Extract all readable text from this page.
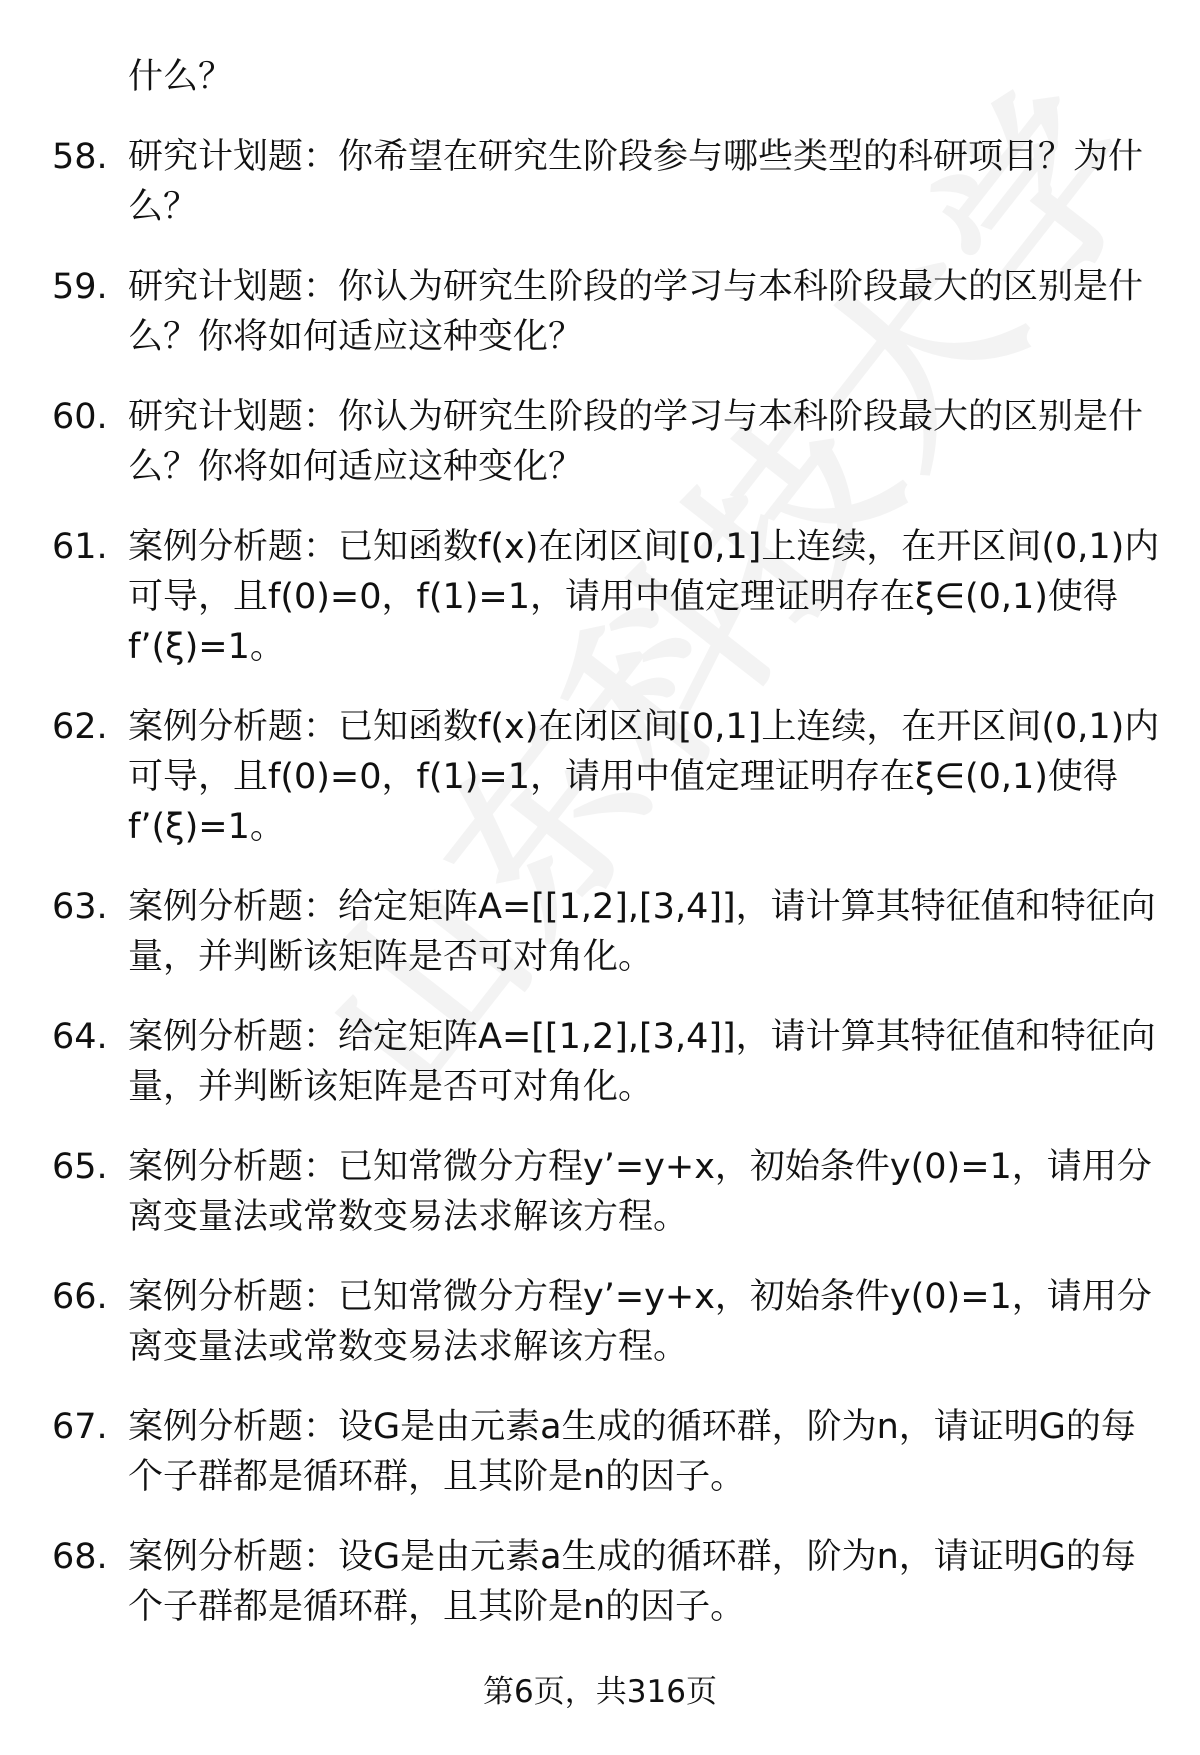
什么？
58. 研究计划题：你希望在研究生阶段参与哪些类型的科研项目？为什么？
59. 研究计划题：你认为研究生阶段的学习与本科阶段最大的区别是什么？你将如何适应这种变化？
60. 研究计划题：你认为研究生阶段的学习与本科阶段最大的区别是什么？你将如何适应这种变化？
61. 案例分析题：已知函数f(x)在闭区间[0,1]上连续，在开区间(0,1)内可导，且f(0)=0，f(1)=1，请用中值定理证明存在ξ∈(0,1)使得f’(ξ)=1。
62. 案例分析题：已知函数f(x)在闭区间[0,1]上连续，在开区间(0,1)内可导，且f(0)=0，f(1)=1，请用中值定理证明存在ξ∈(0,1)使得f’(ξ)=1。
63. 案例分析题：给定矩阵A=[[1,2],[3,4]]，请计算其特征值和特征向量，并判断该矩阵是否可对角化。
64. 案例分析题：给定矩阵A=[[1,2],[3,4]]，请计算其特征值和特征向量，并判断该矩阵是否可对角化。
65. 案例分析题：已知常微分方程y’=y+x，初始条件y(0)=1，请用分离变量法或常数变易法求解该方程。
66. 案例分析题：已知常微分方程y’=y+x，初始条件y(0)=1，请用分离变量法或常数变易法求解该方程。
67. 案例分析题：设G是由元素a生成的循环群，阶为n，请证明G的每个子群都是循环群，且其阶是n的因子。
68. 案例分析题：设G是由元素a生成的循环群，阶为n，请证明G的每个子群都是循环群，且其阶是n的因子。
第6页，共316页
